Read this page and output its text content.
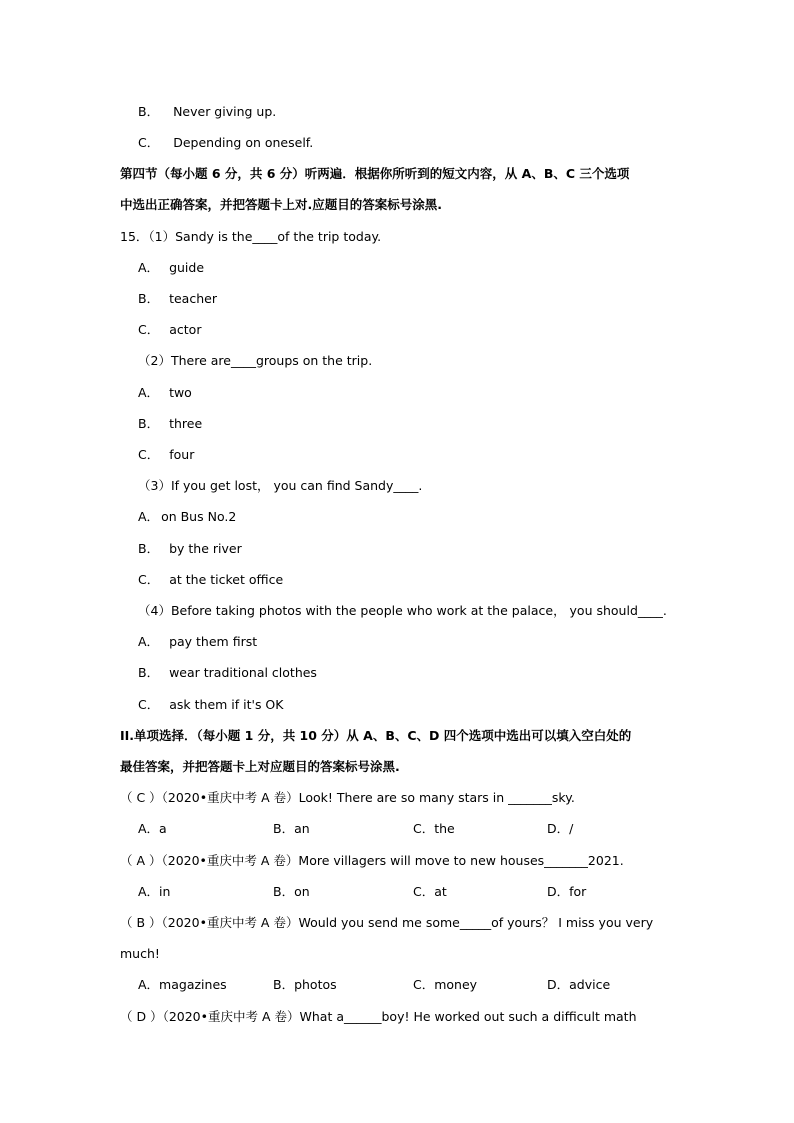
B． Never giving up.
C． Depending on oneself.
第四节（每小题 6 分，共 6 分）听两遍．根据你所听到的短文内容，从 A、B、C 三个选项
中选出正确答案，并把答题卡上对.应题目的答案标号涂黑.
15．（1）Sandy is the____of the trip today.
A． guide
B． teacher
C． actor
（2）There are____groups on the trip.
A． two
B． three
C． four
（3）If you get lost， you can find Sandy____.
A． on Bus No.2
B． by the river
C． at the ticket office
（4）Before taking photos with the people who work at the palace， you should____.
A． pay them first
B． wear traditional clothes
C． ask them if it's OK
II.单项选择．（每小题 1 分，共 10 分）从 A、B、C、D 四个选项中选出可以填入空白处的
最佳答案，并把答题卡上对应题目的答案标号涂黑.
（ C ）（2020•重庆中考 A 卷）Look! There are so many stars in _______sky.
A．a	B．an	C．the	D．/
（ A ）（2020•重庆中考 A 卷）More villagers will move to new houses_______2021.
A．in	B．on	C．at	D．for
（ B ）（2020•重庆中考 A 卷）Would you send me some_____of yours？ I miss you very
much!
A．magazines	B．photos	C．money	D．advice
（ D ）（2020•重庆中考 A 卷）What a______boy! He worked out such a difficult math
